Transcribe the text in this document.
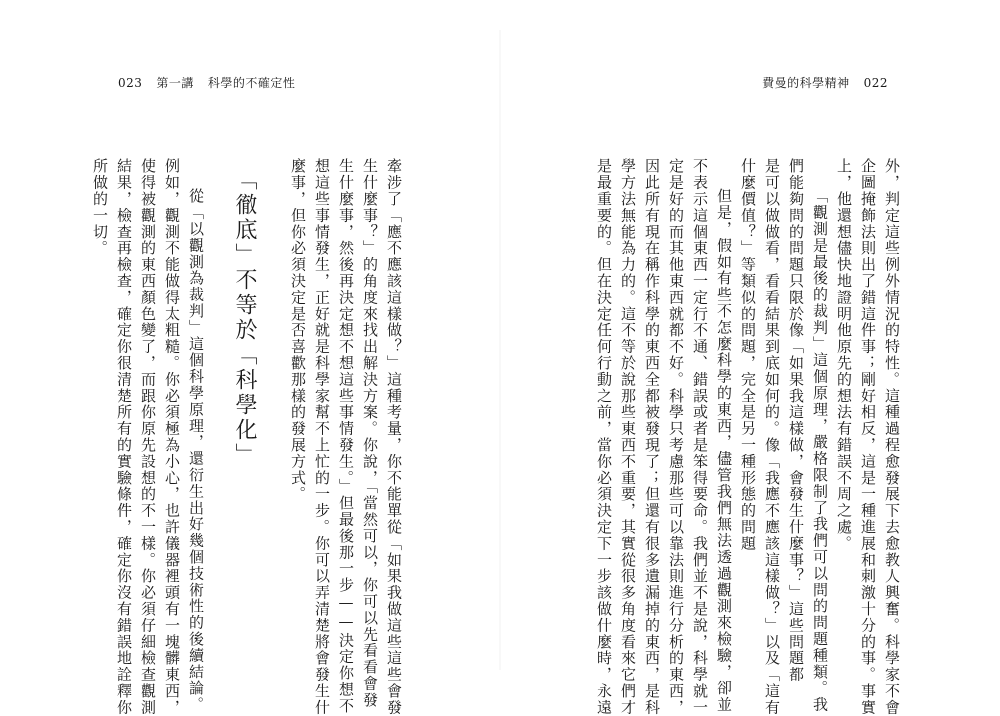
023 第一講 科學的不確定性	費曼的科學精神 022
外，判定這些例外情況的特性。這種過程愈發展下去愈教人興奮。科學家不會
企圖掩飾法則出了錯這件事；剛好相反，這是一種進展和刺激十分的事。事實
上，他還想儘快地證明他原先的想法有錯誤不周之處。
「觀測是最後的裁判」這個原理，嚴格限制了我們可以問的問題種類。我
們能夠問的問題只限於像「如果我這樣做，會發生什麼事？」這些問題都
是可以做做看，看看結果到底如何的。像「我應不應該這樣做？」以及「這有
什麼價值？」等類似的問題，完全是另一種形態的問題
但是，假如有些不怎麼科學的東西，儘管我們無法透過觀測來檢驗，卻並
不表示這個東西一定行不通、錯誤或者是笨得要命。我們並不是說，科學就一
定是好的而其他東西就都不好。科學只考慮那些可以靠法則進行分析的東西，
因此所有現在稱作科學的東西全都被發現了；但還有很多遺漏掉的東西，是科
學方法無能為力的。這不等於說那些東西不重要，其實從很多角度看來它們才
是最重要的。但在決定任何行動之前，當你必須決定下一步該做什麼時，永遠
牽涉了「應不應該這樣做？」這種考量，你不能單從「如果我做這些這些會發
生什麼事？」的角度來找出解決方案。你說，「當然可以，你可以先看看會發
生什麼事，然後再決定想不想這些事情發生。」但最後那一步——決定你想不
想這些事情發生，正好就是科學家幫不上忙的一步。你可以弄清楚將會發生什
麼事，但你必須決定是否喜歡那樣的發展方式。
「徹底」不等於「科學化」
從「以觀測為裁判」這個科學原理，還衍生出好幾個技術性的後續結論。
例如，觀測不能做得太粗糙。你必須極為小心，也許儀器裡頭有一塊髒東西，
使得被觀測的東西顏色變了，而跟你原先設想的不一樣。你必須仔細檢查觀測
結果，檢查再檢查，確定你很清楚所有的實驗條件，確定你沒有錯誤地詮釋你
所做的一切。
